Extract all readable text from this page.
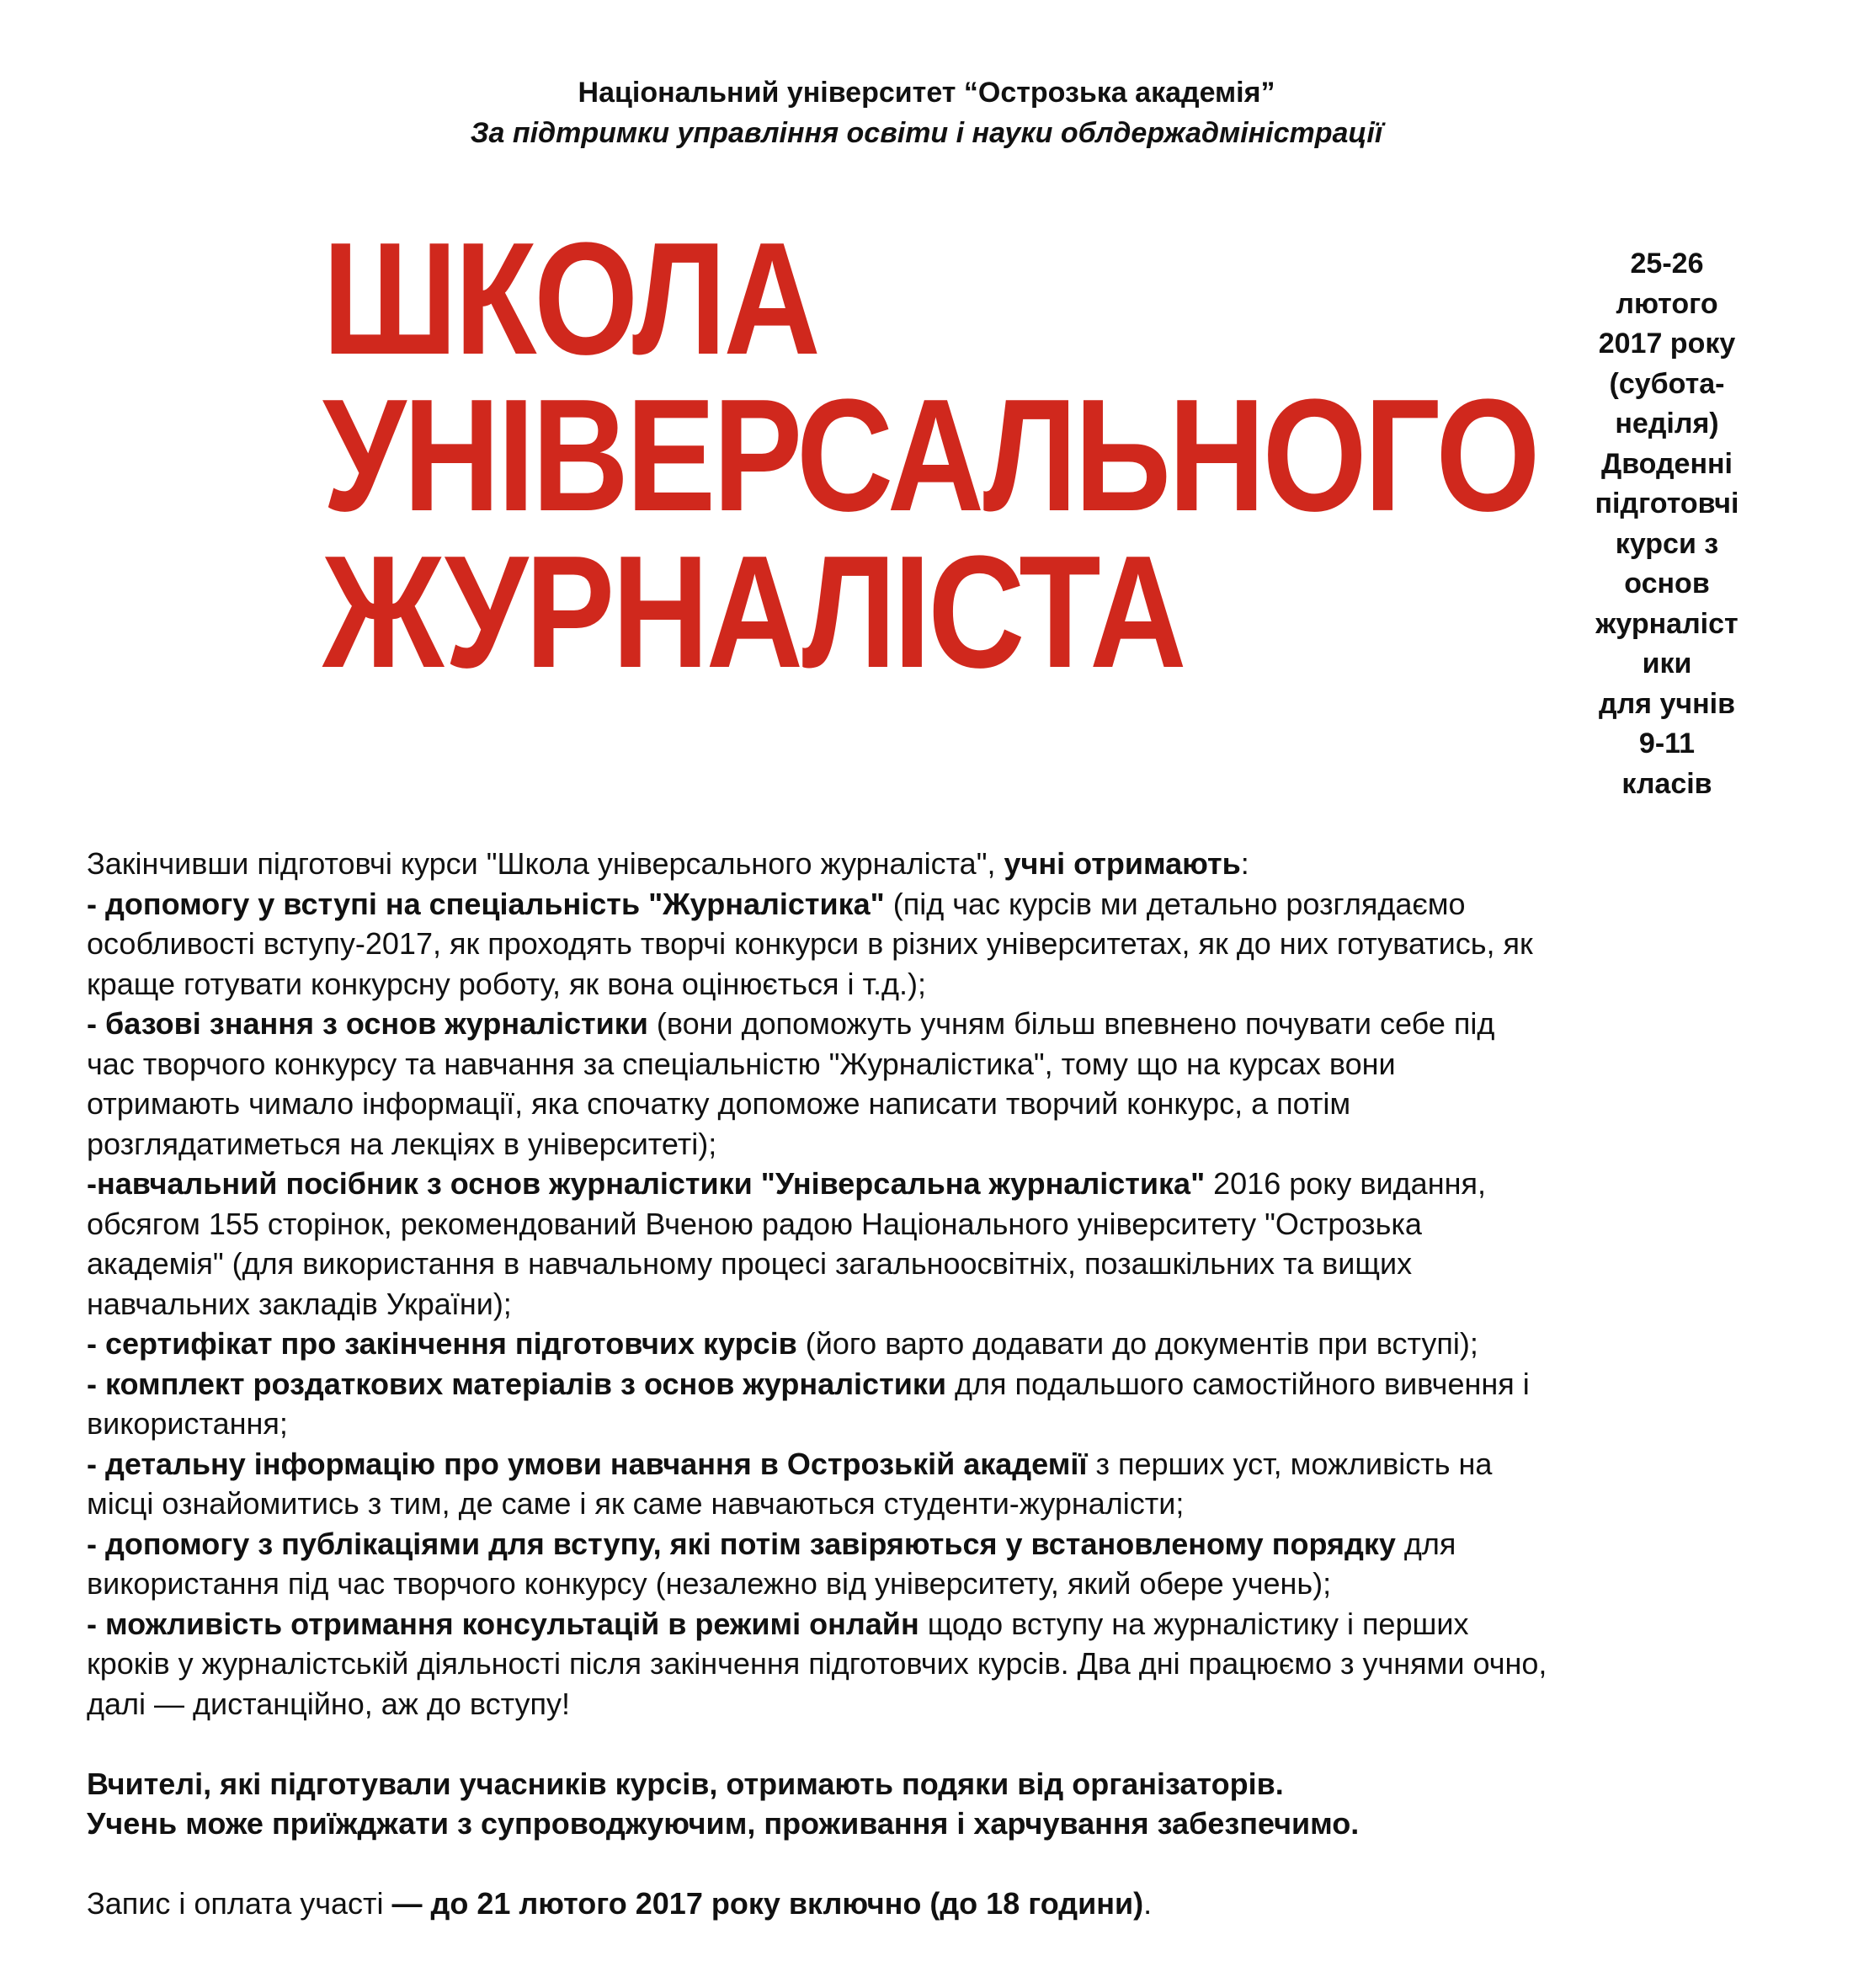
Національний університет “Острозька академія”
За підтримки управління освіти і науки облдержадміністрації
ШКОЛА
УНІВЕРСАЛЬНОГО
ЖУРНАЛІСТА
25-26
лютого
2017 року
(субота-
неділя)
Дводенні
підготовчі
курси з
основ
журналіст
ики
для учнів
9-11
класів

Закінчивши підготовчі курси "Школа універсального журналіста", учні отримають:

- допомогу у вступі на спеціальність "Журналістика" (під час курсів ми детально розглядаємо

особливості вступу-2017, як проходять творчі конкурси в різних університетах, як до них готуватись, як

краще готувати конкурсну роботу, як вона оцінюється і т.д.);

- базові знання з основ журналістики (вони допоможуть учням більш впевнено почувати себе під

час творчого конкурсу та навчання за спеціальністю "Журналістика", тому що на курсах вони

отримають чимало інформації, яка спочатку допоможе написати творчий конкурс, а потім

розглядатиметься на лекціях в університеті);

-навчальний посібник з основ журналістики "Універсальна журналістика" 2016 року видання,

обсягом 155 сторінок, рекомендований Вченою радою Національного університету "Острозька

академія" (для використання в навчальному процесі загальноосвітніх, позашкільних та вищих

навчальних закладів України);

- сертифікат про закінчення підготовчих курсів (його варто додавати до документів при вступі);

- комплект роздаткових матеріалів з основ журналістики для подальшого самостійного вивчення і

використання;

- детальну інформацію про умови навчання в Острозькій академії з перших уст, можливість на

місці ознайомитись з тим, де саме і як саме навчаються студенти-журналісти;

- допомогу з публікаціями для вступу, які потім завіряються у встановленому порядку для

використання під час творчого конкурсу (незалежно від університету, який обере учень);

- можливість отримання консультацій в режимі онлайн щодо вступу на журналістику і перших

кроків у журналістській діяльності після закінчення підготовчих курсів. Два дні працюємо з учнями очно,

далі — дистанційно, аж до вступу!

Вчителі, які підготували учасників курсів, отримають подяки від організаторів.

Учень може приїжджати з супроводжуючим, проживання і харчування забезпечимо.

Запис і оплата участі — до 21 лютого 2017 року включно (до 18 години).
